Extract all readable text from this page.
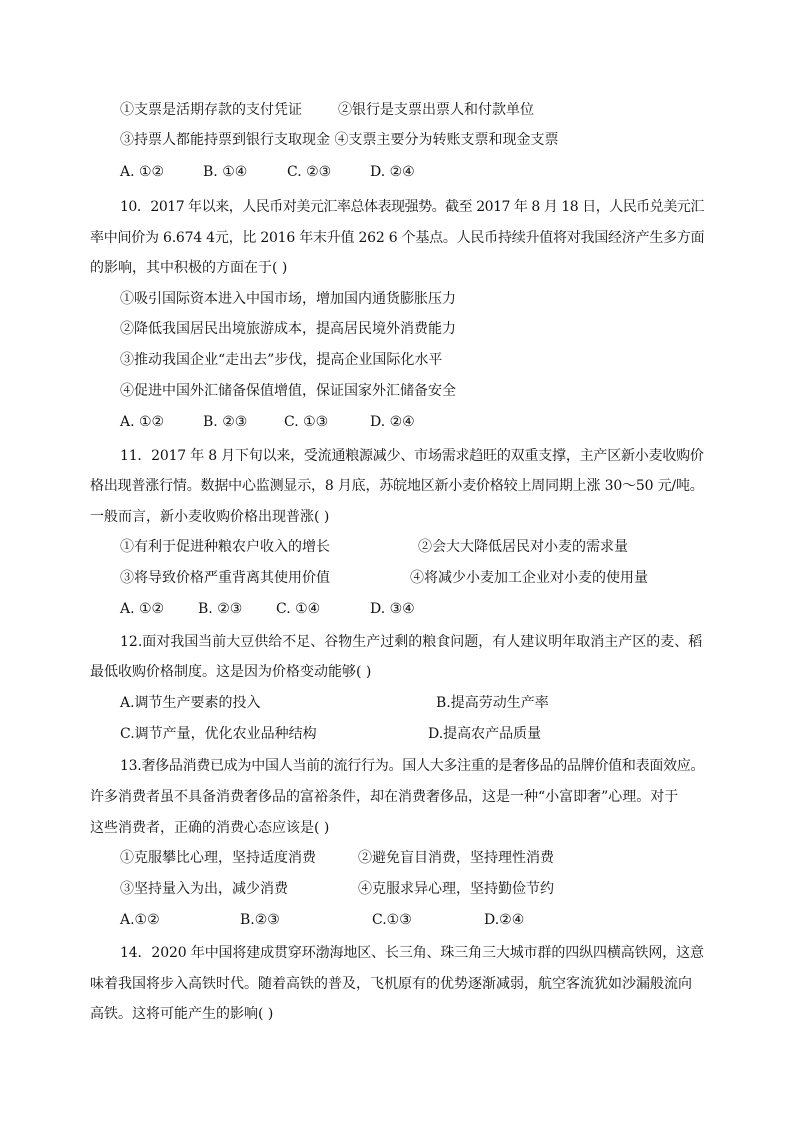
①支票是活期存款的支付凭证	②银行是支票出票人和付款单位
③持票人都能持票到银行支取现金 ④支票主要分为转账支票和现金支票
A. ①②	B. ①④	C. ②③	D. ②④
10．2017 年以来，人民币对美元汇率总体表现强势。截至 2017 年 8 月 18 日，人民币兑美元汇
率中间价为 6.674 4元，比 2016 年末升值 262 6 个基点。人民币持续升值将对我国经济产生多方面
的影响，其中积极的方面在于( )
①吸引国际资本进入中国市场，增加国内通货膨胀压力
②降低我国居民出境旅游成本，提高居民境外消费能力
③推动我国企业“走出去”步伐，提高企业国际化水平
④促进中国外汇储备保值增值，保证国家外汇储备安全
A. ①②	B. ②③	C. ①③	D. ②④
11．2017 年 8 月下旬以来，受流通粮源减少、市场需求趋旺的双重支撑，主产区新小麦收购价
格出现普涨行情。数据中心监测显示，8 月底，苏皖地区新小麦价格较上周同期上涨 30～50 元/吨。
一般而言，新小麦收购价格出现普涨( )
①有利于促进种粮农户收入的增长	②会大大降低居民对小麦的需求量
③将导致价格严重背离其使用价值	④将减少小麦加工企业对小麦的使用量
A. ①② B. ②③ C. ①④	D. ③④
12.面对我国当前大豆供给不足、谷物生产过剩的粮食问题，有人建议明年取消主产区的麦、稻
最低收购价格制度。这是因为价格变动能够( )
A.调节生产要素的投入	B.提高劳动生产率
C.调节产量，优化农业品种结构	D.提高农产品质量
13.奢侈品消费已成为中国人当前的流行行为。国人大多注重的是奢侈品的品牌价值和表面效应。
许多消费者虽不具备消费奢侈品的富裕条件，却在消费奢侈品，这是一种“小富即奢”心理。对于
这些消费者，正确的消费心态应该是( )
①克服攀比心理，坚持适度消费	②避免盲目消费，坚持理性消费
③坚持量入为出，减少消费	④克服求异心理，坚持勤俭节约
A.①②	B.②③	C.①③	D.②④
14．2020 年中国将建成贯穿环渤海地区、长三角、珠三角三大城市群的四纵四横高铁网，这意
味着我国将步入高铁时代。随着高铁的普及，飞机原有的优势逐渐减弱，航空客流犹如沙漏般流向
高铁。这将可能产生的影响( )
